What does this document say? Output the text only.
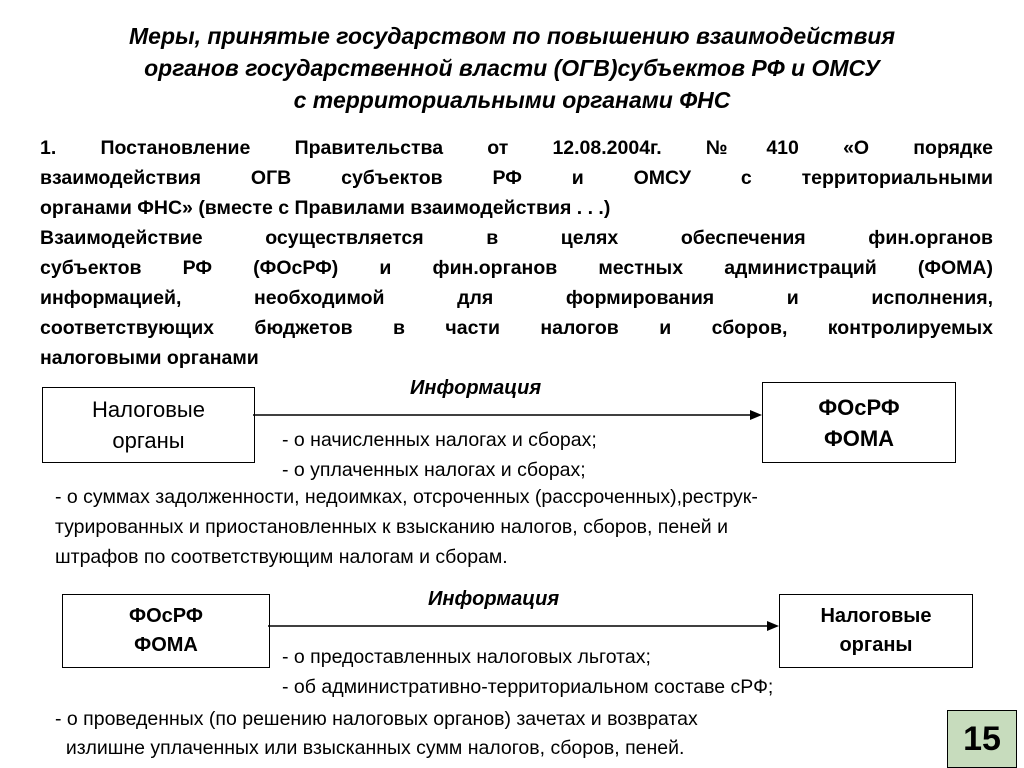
Меры, принятые государством по повышению взаимодействия
органов государственной власти (ОГВ)субъектов РФ и ОМСУ
с территориальными органами ФНС
1. Постановление Правительства от 12.08.2004г. №410 «О порядке
взаимодействия ОГВ субъектов РФ и ОМСУ с территориальными
органами ФНС» (вместе с Правилами взаимодействия . . .)
Взаимодействие осуществляется в целях обеспечения фин.органов
субъектов РФ (ФОсРФ) и фин.органов местных администраций (ФОМА)
информацией, необходимой для формирования и исполнения,
соответствующих бюджетов в части налогов и сборов, контролируемых
налоговыми органами
Информация
Налоговые
органы
ФОсРФ
ФОМА
- о начисленных налогах и сборах;
- о уплаченных налогах и сборах;
- о суммах задолженности, недоимках, отсроченных (рассроченных),реструк-
турированных и приостановленных к взысканию налогов, сборов, пеней и
штрафов по соответствующим налогам и сборам.
Информация
ФОсРФ
ФОМА
Налоговые
органы
- о предоставленных налоговых льготах;
- об административно-территориальном составе сРФ;
- о проведенных (по решению налоговых органов) зачетах и возвратах
излишне уплаченных или взысканных сумм налогов, сборов, пеней.	15
